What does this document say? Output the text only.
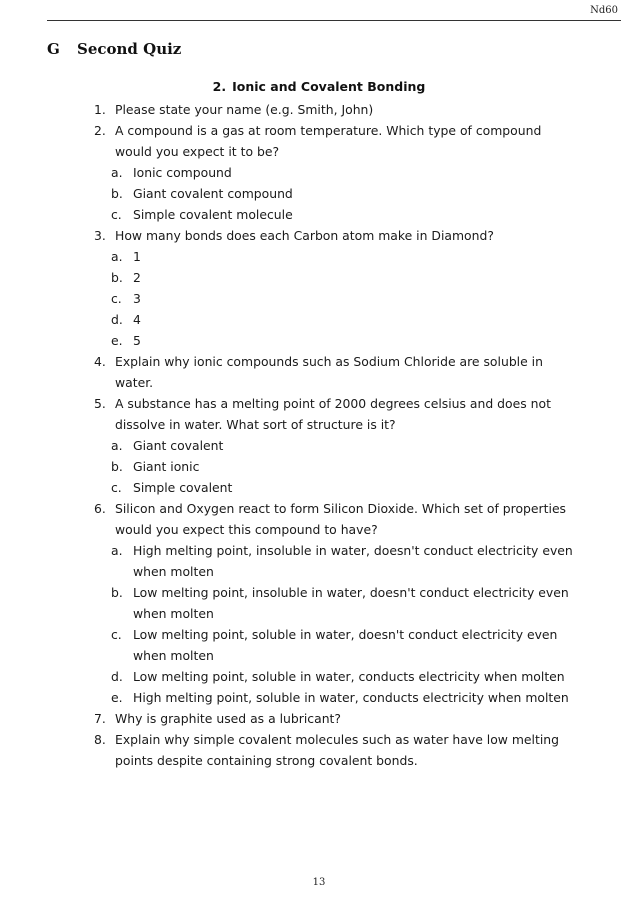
Nd60
G Second Quiz
2. Ionic and Covalent Bonding
1. Please state your name (e.g. Smith, John)
2. A compound is a gas at room temperature. Which type of compound would you expect it to be?
a. Ionic compound
b. Giant covalent compound
c. Simple covalent molecule
3. How many bonds does each Carbon atom make in Diamond?
a. 1
b. 2
c. 3
d. 4
e. 5
4. Explain why ionic compounds such as Sodium Chloride are soluble in water.
5. A substance has a melting point of 2000 degrees celsius and does not dissolve in water. What sort of structure is it?
a. Giant covalent
b. Giant ionic
c. Simple covalent
6. Silicon and Oxygen react to form Silicon Dioxide. Which set of properties would you expect this compound to have?
a. High melting point, insoluble in water, doesn't conduct electricity even when molten
b. Low melting point, insoluble in water, doesn't conduct electricity even when molten
c. Low melting point, soluble in water, doesn't conduct electricity even when molten
d. Low melting point, soluble in water, conducts electricity when molten
e. High melting point, soluble in water, conducts electricity when molten
7. Why is graphite used as a lubricant?
8. Explain why simple covalent molecules such as water have low melting points despite containing strong covalent bonds.
13
